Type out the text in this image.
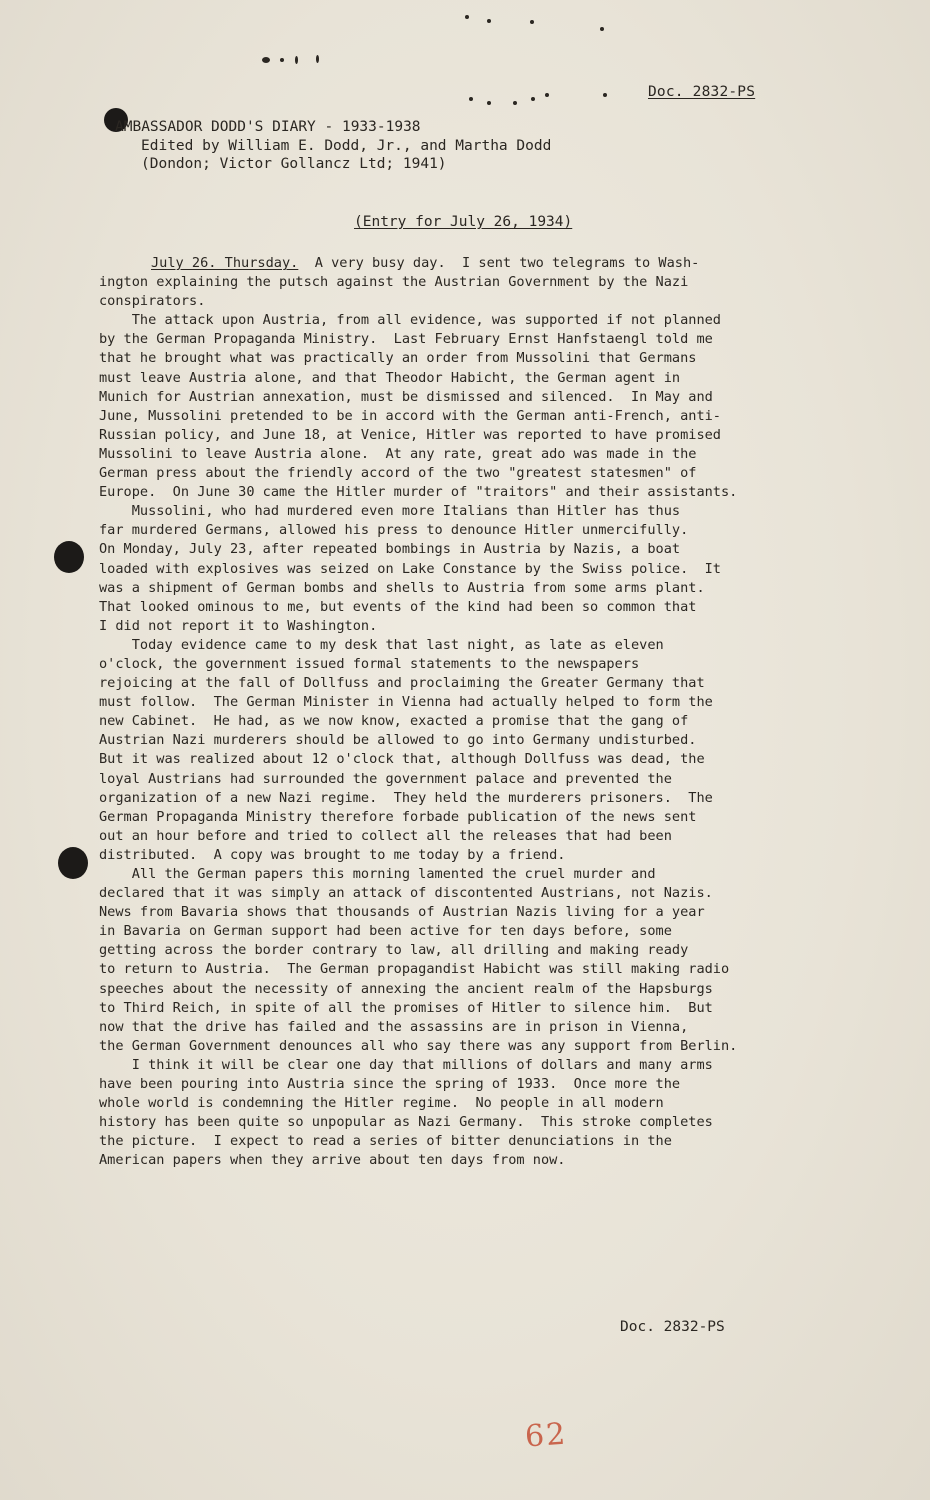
Doc. 2832-PS
AMBASSADOR DODD'S DIARY - 1933-1938
Edited by William E. Dodd, Jr., and Martha Dodd
(Dondon; Victor Gollancz Ltd; 1941)
(Entry for July 26, 1934)

July 26. Thursday.  A very busy day.  I sent two telegrams to Wash-

ington explaining the putsch against the Austrian Government by the Nazi
conspirators.

The attack upon Austria, from all evidence, was supported if not planned
by the German Propaganda Ministry.  Last February Ernst Hanfstaengl told me
that he brought what was practically an order from Mussolini that Germans
must leave Austria alone, and that Theodor Habicht, the German agent in
Munich for Austrian annexation, must be dismissed and silenced.  In May and
June, Mussolini pretended to be in accord with the German anti-French, anti-
Russian policy, and June 18, at Venice, Hitler was reported to have promised
Mussolini to leave Austria alone.  At any rate, great ado was made in the
German press about the friendly accord of the two "greatest statesmen" of
Europe.  On June 30 came the Hitler murder of "traitors" and their assistants.

Mussolini, who had murdered even more Italians than Hitler has thus
far murdered Germans, allowed his press to denounce Hitler unmercifully.
On Monday, July 23, after repeated bombings in Austria by Nazis, a boat
loaded with explosives was seized on Lake Constance by the Swiss police.  It
was a shipment of German bombs and shells to Austria from some arms plant.
That looked ominous to me, but events of the kind had been so common that
I did not report it to Washington.

Today evidence came to my desk that last night, as late as eleven
o'clock, the government issued formal statements to the newspapers
rejoicing at the fall of Dollfuss and proclaiming the Greater Germany that
must follow.  The German Minister in Vienna had actually helped to form the
new Cabinet.  He had, as we now know, exacted a promise that the gang of
Austrian Nazi murderers should be allowed to go into Germany undisturbed.
But it was realized about 12 o'clock that, although Dollfuss was dead, the
loyal Austrians had surrounded the government palace and prevented the
organization of a new Nazi regime.  They held the murderers prisoners.  The
German Propaganda Ministry therefore forbade publication of the news sent
out an hour before and tried to collect all the releases that had been
distributed.  A copy was brought to me today by a friend.

All the German papers this morning lamented the cruel murder and
declared that it was simply an attack of discontented Austrians, not Nazis.
News from Bavaria shows that thousands of Austrian Nazis living for a year
in Bavaria on German support had been active for ten days before, some
getting across the border contrary to law, all drilling and making ready
to return to Austria.  The German propagandist Habicht was still making radio
speeches about the necessity of annexing the ancient realm of the Hapsburgs
to Third Reich, in spite of all the promises of Hitler to silence him.  But
now that the drive has failed and the assassins are in prison in Vienna,
the German Government denounces all who say there was any support from Berlin.

I think it will be clear one day that millions of dollars and many arms
have been pouring into Austria since the spring of 1933.  Once more the
whole world is condemning the Hitler regime.  No people in all modern
history has been quite so unpopular as Nazi Germany.  This stroke completes
the picture.  I expect to read a series of bitter denunciations in the
American papers when they arrive about ten days from now.

Doc. 2832-PS
62
